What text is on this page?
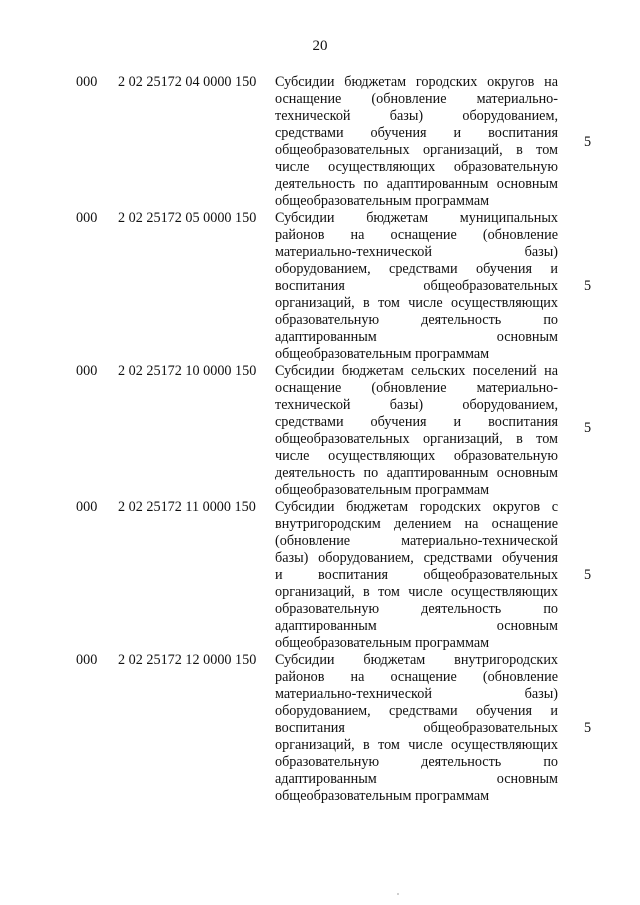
20
000	2 02 25172 04 0000 150 Субсидии бюджетам городских округов на
оснащение (обновление материально-
технической базы) оборудованием,
средствами обучения и воспитания
общеобразовательных организаций, в том
числе осуществляющих образовательную
деятельность по адаптированным основным
общеобразовательным программам
5
000	2 02 25172 05 0000 150 Субсидии бюджетам муниципальных
районов на оснащение (обновление
материально-технической базы)
оборудованием, средствами обучения и
воспитания общеобразовательных
организаций, в том числе осуществляющих
образовательную деятельность по
адаптированным основным
общеобразовательным программам
5
000	2 02 25172 10 0000 150 Субсидии бюджетам сельских поселений на
оснащение (обновление материально-
технической базы) оборудованием,
средствами обучения и воспитания
общеобразовательных организаций, в том
числе осуществляющих образовательную
деятельность по адаптированным основным
общеобразовательным программам
5
000	2 02 25172 11 0000 150 Субсидии бюджетам городских округов с
внутригородским делением на оснащение
(обновление материально-технической
базы) оборудованием, средствами обучения
и воспитания общеобразовательных
организаций, в том числе осуществляющих
образовательную деятельность по
адаптированным основным
общеобразовательным программам
5
000	2 02 25172 12 0000 150 Субсидии бюджетам внутригородских
районов на оснащение (обновление
материально-технической базы)
оборудованием, средствами обучения и
воспитания общеобразовательных
организаций, в том числе осуществляющих
образовательную деятельность по
адаптированным основным
общеобразовательным программам
5
